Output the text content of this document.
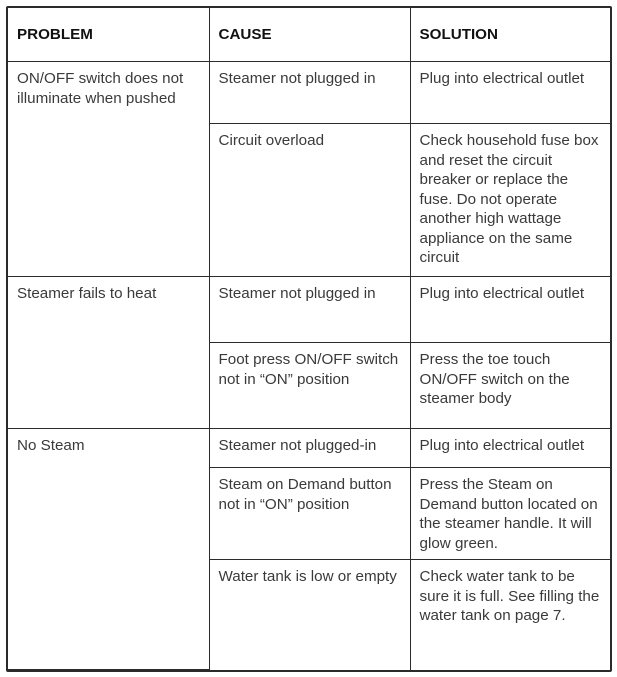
PROBLEM	CAUSE	SOLUTION
ON/OFF switch does not illuminate when pushed	Steamer not plugged in	Plug into electrical outlet
	Circuit overload	Check household fuse box and reset the circuit breaker or replace the fuse. Do not operate another high wattage appliance on the same circuit
Steamer fails to heat	Steamer not plugged in	Plug into electrical outlet
	Foot press ON/OFF switch not in “ON” position	Press the toe touch ON/OFF switch on the steamer body
No Steam	Steamer not plugged-in	Plug into electrical outlet
	Steam on Demand button not in “ON” position	Press the Steam on Demand button located on the steamer handle. It will glow green.
	Water tank is low or empty	Check water tank to be sure it is full. See filling the water tank on page 7.
